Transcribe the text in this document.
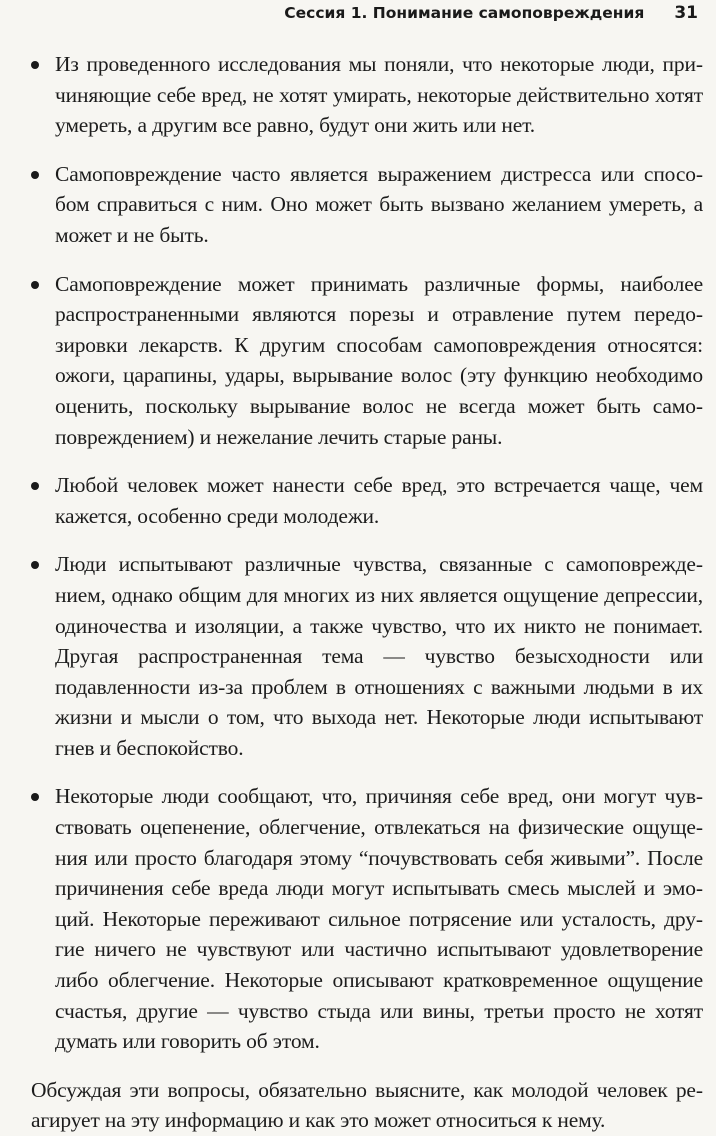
Сессия 1. Понимание самоповреждения 31
Из проведенного исследования мы поняли, что некоторые люди, причиняющие себе вред, не хотят умирать, некоторые действительно хотят умереть, а другим все равно, будут они жить или нет.
Самоповреждение часто является выражением дистресса или способом справиться с ним. Оно может быть вызвано желанием умереть, а может и не быть.
Самоповреждение может принимать различные формы, наиболее распространенными являются порезы и отравление путем передозировки лекарств. К другим способам самоповреждения относятся: ожоги, царапины, удары, вырывание волос (эту функцию необходимо оценить, поскольку вырывание волос не всегда может быть самоповреждением) и нежелание лечить старые раны.
Любой человек может нанести себе вред, это встречается чаще, чем кажется, особенно среди молодежи.
Люди испытывают различные чувства, связанные с самоповреждением, однако общим для многих из них является ощущение депрессии, одиночества и изоляции, а также чувство, что их никто не понимает. Другая распространенная тема — чувство безысходности или подавленности из-за проблем в отношениях с важными людьми в их жизни и мысли о том, что выхода нет. Некоторые люди испытывают гнев и беспокойство.
Некоторые люди сообщают, что, причиняя себе вред, они могут чувствовать оцепенение, облегчение, отвлекаться на физические ощущения или просто благодаря этому “почувствовать себя живыми”. После причинения себе вреда люди могут испытывать смесь мыслей и эмоций. Некоторые переживают сильное потрясение или усталость, другие ничего не чувствуют или частично испытывают удовлетворение либо облегчение. Некоторые описывают кратковременное ощущение счастья, другие — чувство стыда или вины, третьи просто не хотят думать или говорить об этом.

Обсуждая эти вопросы, обязательно выясните, как молодой человек реагирует на эту информацию и как это может относиться к нему.
